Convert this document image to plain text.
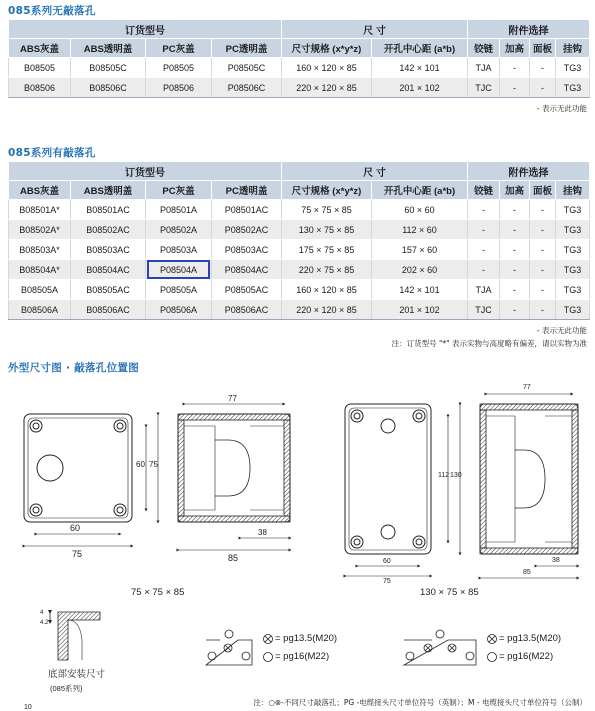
085系列无敲落孔
订货型号				尺 寸		附件选择			
ABS灰盖	ABS透明盖	PC灰盖	PC透明盖	尺寸规格 (x*y*z)	开孔中心距 (a*b)	铰链	加高	面板	挂钩
B08505	B08505C	P08505	P08505C	160 × 120 × 85	142 × 101	TJA	-	-	TG3
B08506	B08506C	P08506	P08506C	220 × 120 × 85	201 × 102	TJC	-	-	TG3
- 表示无此功能
085系列有敲落孔
订货型号				尺 寸		附件选择			
ABS灰盖	ABS透明盖	PC灰盖	PC透明盖	尺寸规格 (x*y*z)	开孔中心距 (a*b)	铰链	加高	面板	挂钩
B08501A*	B08501AC	P08501A	P08501AC	75 × 75 × 85	60 × 60	-	-	-	TG3
B08502A*	B08502AC	P08502A	P08502AC	130 × 75 × 85	112 × 60	-	-	-	TG3
B08503A*	B08503AC	P08503A	P08503AC	175 × 75 × 85	157 × 60	-	-	-	TG3
B08504A*	B08504AC	P08504A	P08504AC	220 × 75 × 85	202 × 60	-	-	-	TG3
B08505A	B08505AC	P08505A	P08505AC	160 × 120 × 85	142 × 101	TJA	-	-	TG3
B08506A	B08506AC	P08506A	P08506AC	220 × 120 × 85	201 × 102	TJC	-	-	TG3
- 表示无此功能
注：订货型号 "*" 表示实物与高度略有偏差，请以实物为准
外型尺寸图 · 敲落孔位置图
75
60
75
60
77
85
38
75
60
112 130
77
85
38
75 × 75 × 85	130 × 75 × 85
4
4.2
底部安装尺寸
(085系列)
= pg13.5(M20)
= pg16(M22)
= pg13.5(M20)
= pg16(M22)
注：○⊗-不同尺寸敲落孔；PG -电缆接头尺寸单位符号（英制）；M - 电缆接头尺寸单位符号（公制）
10
